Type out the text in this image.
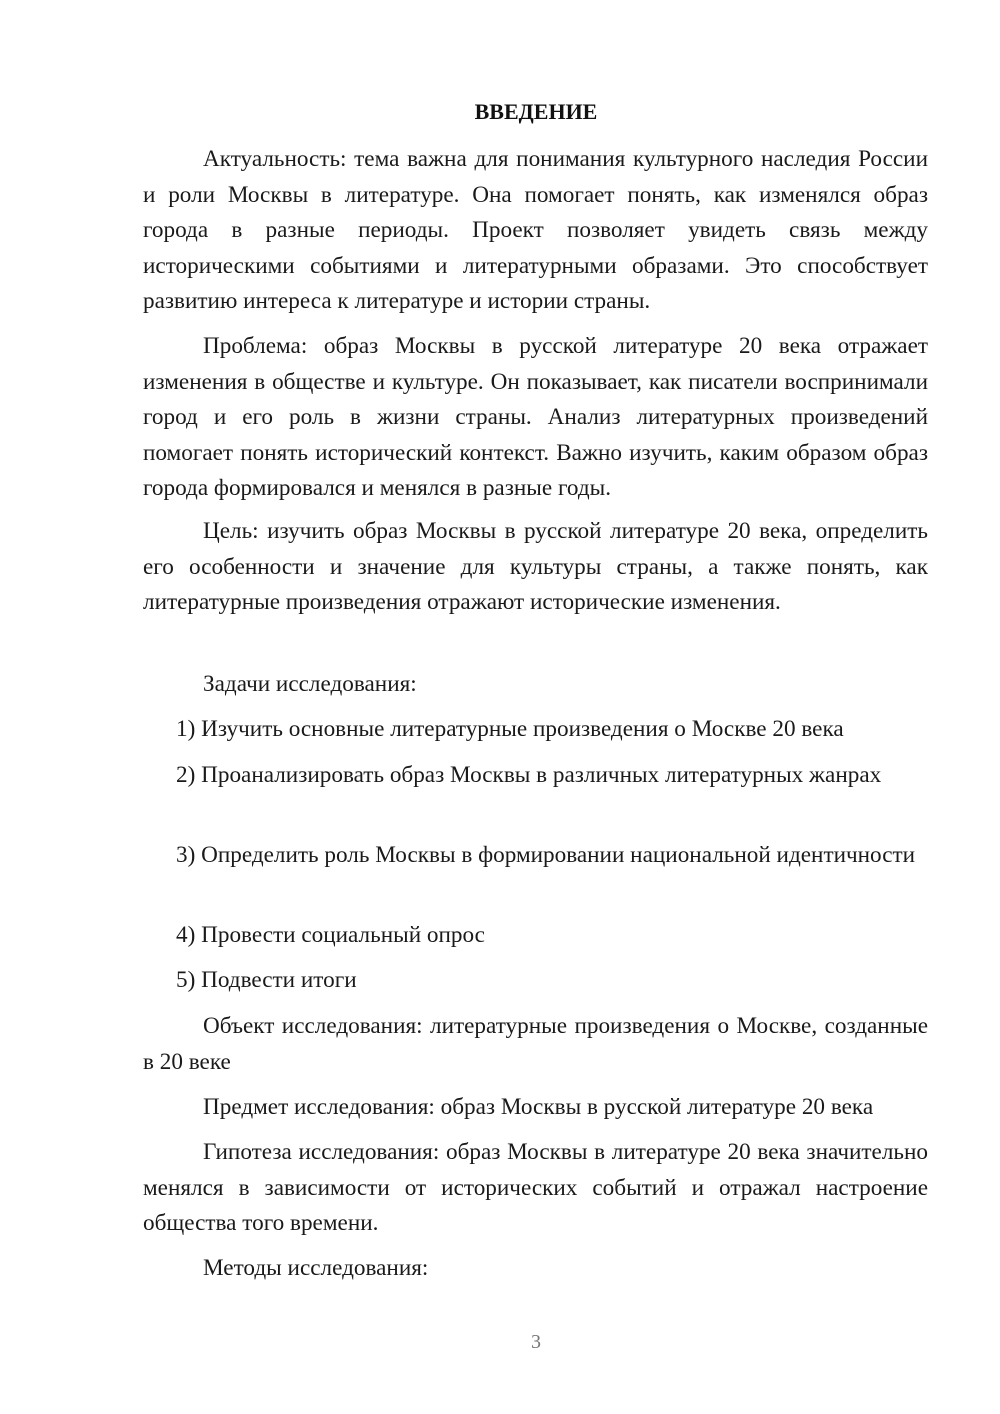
ВВЕДЕНИЕ

Актуальность: тема важна для понимания культурного наследия России и роли Москвы в литературе. Она помогает понять, как изменялся образ города в разные периоды. Проект позволяет увидеть связь между историческими событиями и литературными образами. Это способствует развитию интереса к литературе и истории страны.

Проблема: образ Москвы в русской литературе 20 века отражает изменения в обществе и культуре. Он показывает, как писатели воспринимали город и его роль в жизни страны. Анализ литературных произведений помогает понять исторический контекст. Важно изучить, каким образом образ города формировался и менялся в разные годы.

Цель: изучить образ Москвы в русской литературе 20 века, определить его особенности и значение для культуры страны, а также понять, как литературные произведения отражают исторические изменения.

Задачи исследования:

1) Изучить основные литературные произведения о Москве 20 века

2) Проанализировать образ Москвы в различных литературных жанрах

3) Определить роль Москвы в формировании национальной идентичности

4) Провести социальный опрос

5) Подвести итоги

Объект исследования: литературные произведения о Москве, созданные в 20 веке

Предмет исследования: образ Москвы в русской литературе 20 века

Гипотеза исследования: образ Москвы в литературе 20 века значительно менялся в зависимости от исторических событий и отражал настроение общества того времени.

Методы исследования:

3
